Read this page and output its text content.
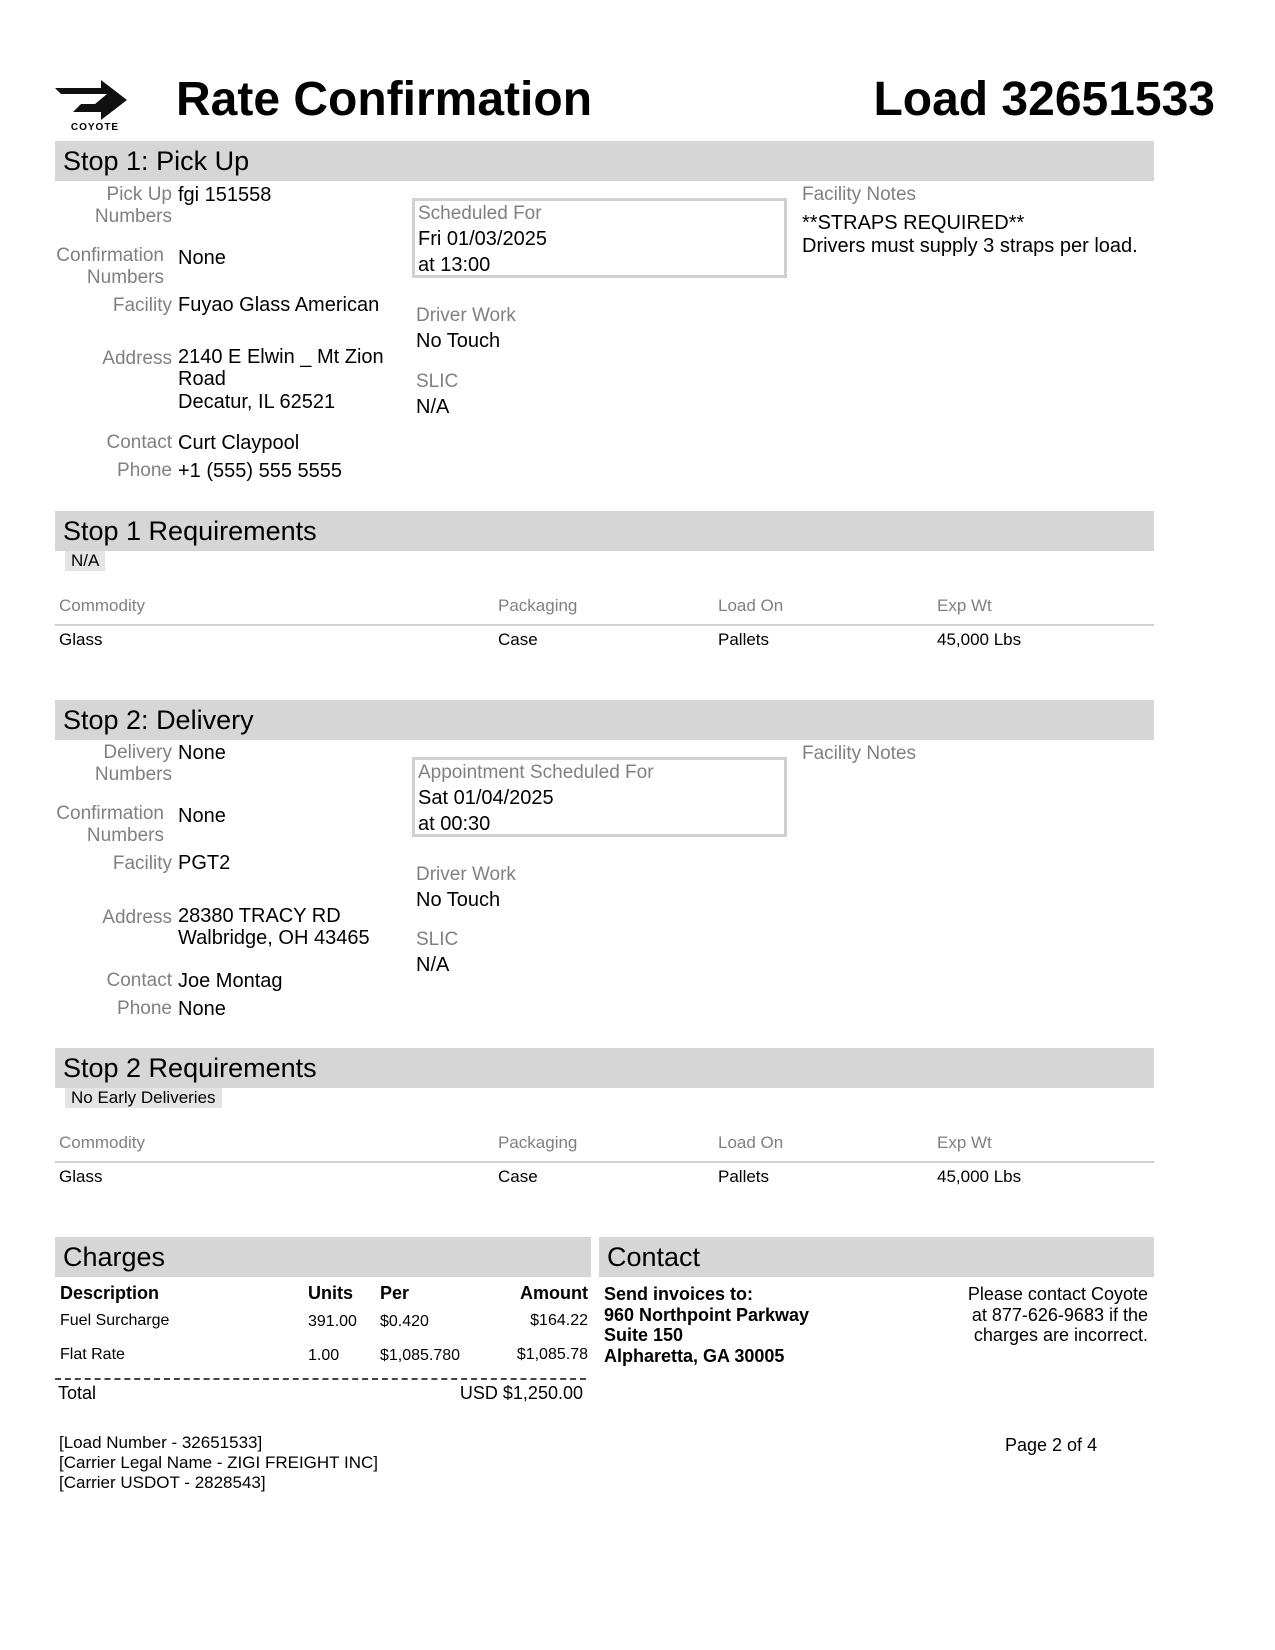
COYOTE
Rate Confirmation	Load 32651533
Stop 1: Pick Up
Pick Up
Numbers
fgi 151558
Confirmation
Numbers
None
Facility Fuyao Glass American
Address 2140 E Elwin _ Mt Zion
Road
Decatur, IL 62521
Contact Curt Claypool
Phone +1 (555) 555 5555
Scheduled For
Fri 01/03/2025
at 13:00
Driver Work
No Touch
SLIC
N/A
Facility Notes
**STRAPS REQUIRED**
Drivers must supply 3 straps per load.
Stop 1 Requirements
N/A
Commodity	Packaging	Load On	Exp Wt
Glass	Case	Pallets	45,000 Lbs
Stop 2: Delivery
Delivery
Numbers
None
Confirmation
Numbers
None
Facility PGT2
Address 28380 TRACY RD
Walbridge, OH 43465
Contact Joe Montag
Phone None
Appointment Scheduled For
Sat 01/04/2025
at 00:30
Driver Work
No Touch
SLIC
N/A
Facility Notes
Stop 2 Requirements
No Early Deliveries
Commodity	Packaging	Load On	Exp Wt
Glass	Case	Pallets	45,000 Lbs
Charges
Description	Units Per	Amount
Fuel Surcharge	391.00 $0.420	$164.22
Flat Rate	1.00	$1,085.780	$1,085.78
Total	USD $1,250.00
Contact
Send invoices to:
960 Northpoint Parkway
Suite 150
Alpharetta, GA 30005
Please contact Coyote
at 877-626-9683 if the
charges are incorrect.
[Load Number - 32651533]
[Carrier Legal Name - ZIGI FREIGHT INC]
[Carrier USDOT - 2828543]
Page 2 of 4
